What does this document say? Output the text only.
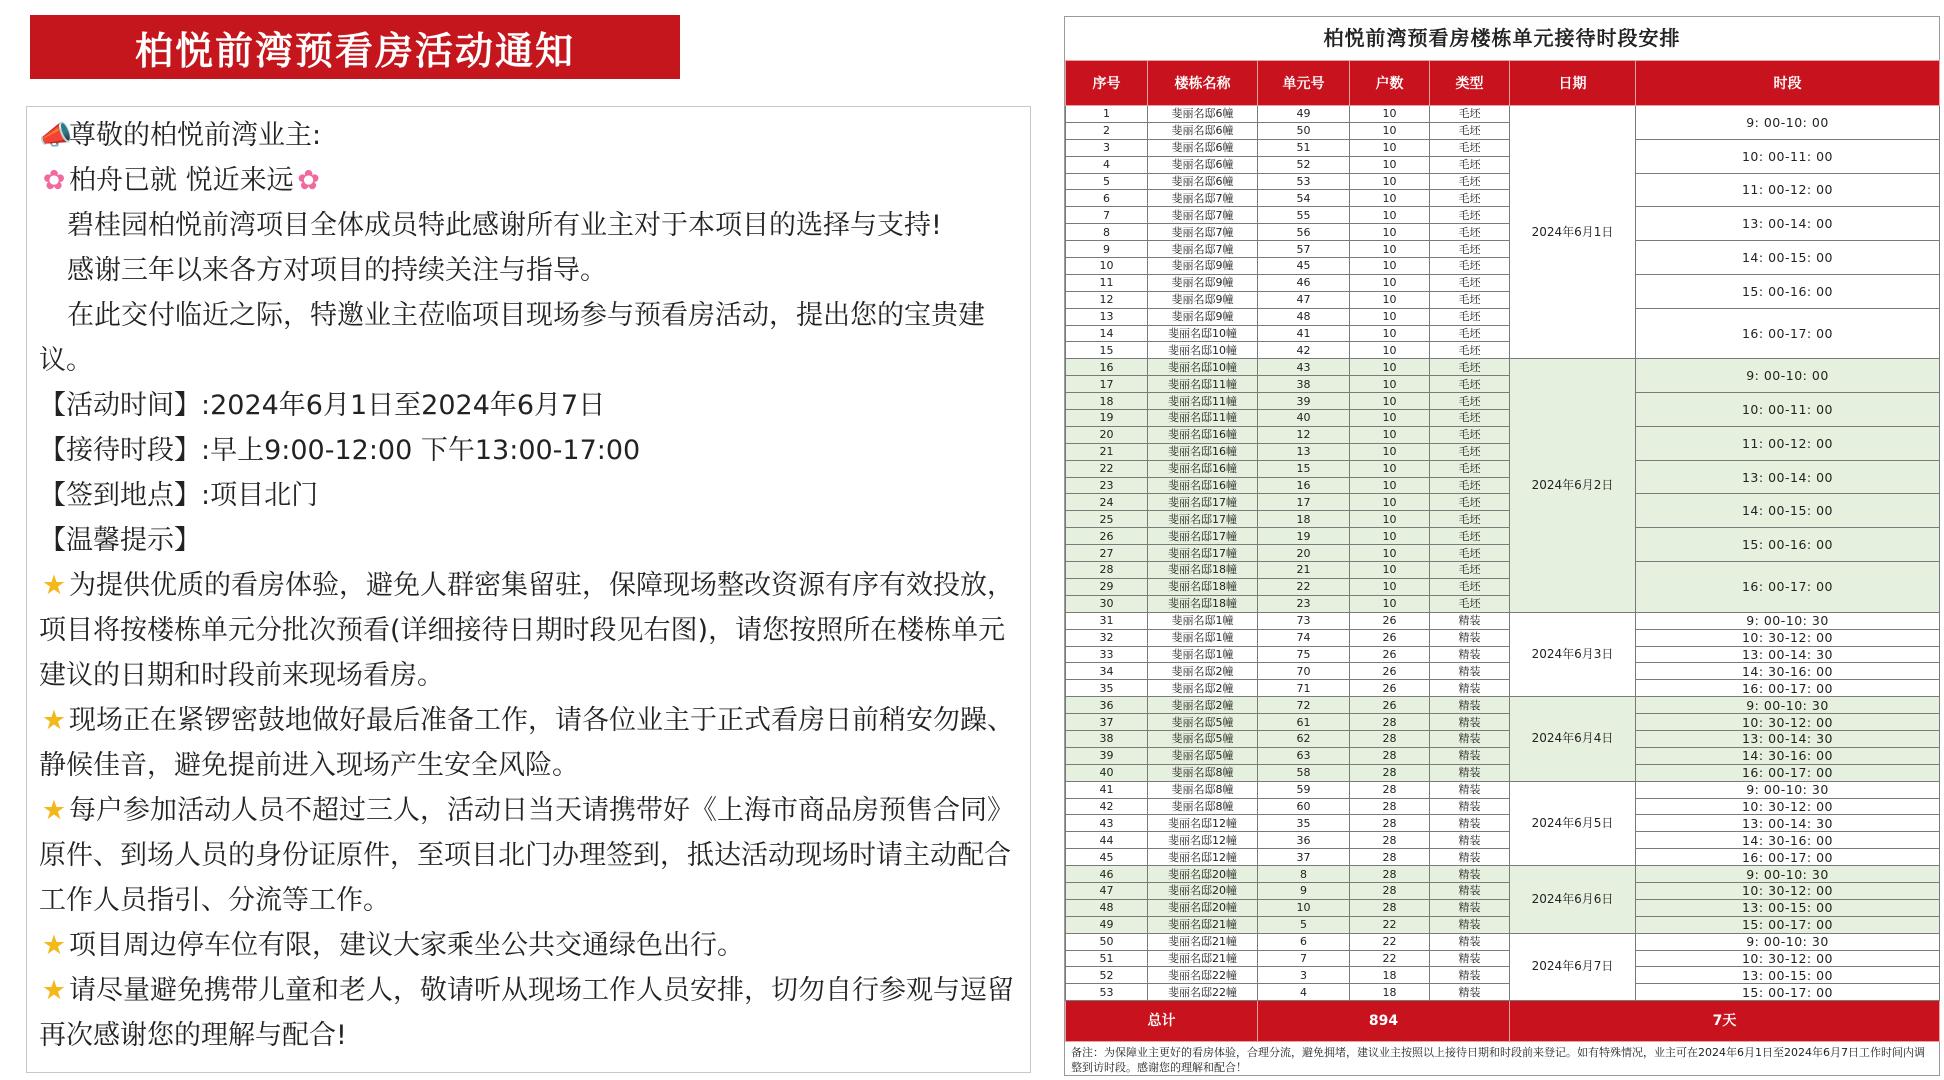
柏悦前湾预看房活动通知

📣尊敬的柏悦前湾业主:

✿ 柏舟已就 悦近来远 ✿

碧桂园柏悦前湾项目全体成员特此感谢所有业主对于本项目的选择与支持!

感谢三年以来各方对项目的持续关注与指导。

在此交付临近之际，特邀业主莅临项目现场参与预看房活动，提出您的宝贵建议。

【活动时间】:2024年6月1日至2024年6月7日

【接待时段】:早上9:00-12:00 下午13:00-17:00

【签到地点】:项目北门

【温馨提示】

★ 为提供优质的看房体验，避免人群密集留驻，保障现场整改资源有序有效投放，项目将按楼栋单元分批次预看(详细接待日期时段见右图)，请您按照所在楼栋单元建议的日期和时段前来现场看房。

★ 现场正在紧锣密鼓地做好最后准备工作，请各位业主于正式看房日前稍安勿躁、静候佳音，避免提前进入现场产生安全风险。

★ 每户参加活动人员不超过三人，活动日当天请携带好《上海市商品房预售合同》原件、到场人员的身份证原件，至项目北门办理签到，抵达活动现场时请主动配合工作人员指引、分流等工作。

★ 项目周边停车位有限，建议大家乘坐公共交通绿色出行。

★ 请尽量避免携带儿童和老人，敬请听从现场工作人员安排，切勿自行参观与逗留再次感谢您的理解与配合!

柏悦前湾预看房楼栋单元接待时段安排
序号	楼栋名称	单元号	户数	类型	日期	时段
1	斐丽名邸6幢	49	10	毛坯	2024年6月1日	9: 00-10: 00
2	斐丽名邸6幢	50	10	毛坯		
3	斐丽名邸6幢	51	10	毛坯		10: 00-11: 00
4	斐丽名邸6幢	52	10	毛坯		
5	斐丽名邸6幢	53	10	毛坯		11: 00-12: 00
6	斐丽名邸7幢	54	10	毛坯		
7	斐丽名邸7幢	55	10	毛坯		13: 00-14: 00
8	斐丽名邸7幢	56	10	毛坯		
9	斐丽名邸7幢	57	10	毛坯		14: 00-15: 00
10	斐丽名邸9幢	45	10	毛坯		
11	斐丽名邸9幢	46	10	毛坯		15: 00-16: 00
12	斐丽名邸9幢	47	10	毛坯		
13	斐丽名邸9幢	48	10	毛坯		16: 00-17: 00
14	斐丽名邸10幢	41	10	毛坯		
15	斐丽名邸10幢	42	10	毛坯		
16	斐丽名邸10幢	43	10	毛坯	2024年6月2日	9: 00-10: 00
17	斐丽名邸11幢	38	10	毛坯		
18	斐丽名邸11幢	39	10	毛坯		10: 00-11: 00
19	斐丽名邸11幢	40	10	毛坯		
20	斐丽名邸16幢	12	10	毛坯		11: 00-12: 00
21	斐丽名邸16幢	13	10	毛坯		
22	斐丽名邸16幢	15	10	毛坯		13: 00-14: 00
23	斐丽名邸16幢	16	10	毛坯		
24	斐丽名邸17幢	17	10	毛坯		14: 00-15: 00
25	斐丽名邸17幢	18	10	毛坯		
26	斐丽名邸17幢	19	10	毛坯		15: 00-16: 00
27	斐丽名邸17幢	20	10	毛坯		
28	斐丽名邸18幢	21	10	毛坯		16: 00-17: 00
29	斐丽名邸18幢	22	10	毛坯		
30	斐丽名邸18幢	23	10	毛坯		
31	斐丽名邸1幢	73	26	精装	2024年6月3日	9: 00-10: 30
32	斐丽名邸1幢	74	26	精装		10: 30-12: 00
33	斐丽名邸1幢	75	26	精装		13: 00-14: 30
34	斐丽名邸2幢	70	26	精装		14: 30-16: 00
35	斐丽名邸2幢	71	26	精装		16: 00-17: 00
36	斐丽名邸2幢	72	26	精装	2024年6月4日	9: 00-10: 30
37	斐丽名邸5幢	61	28	精装		10: 30-12: 00
38	斐丽名邸5幢	62	28	精装		13: 00-14: 30
39	斐丽名邸5幢	63	28	精装		14: 30-16: 00
40	斐丽名邸8幢	58	28	精装		16: 00-17: 00
41	斐丽名邸8幢	59	28	精装	2024年6月5日	9: 00-10: 30
42	斐丽名邸8幢	60	28	精装		10: 30-12: 00
43	斐丽名邸12幢	35	28	精装		13: 00-14: 30
44	斐丽名邸12幢	36	28	精装		14: 30-16: 00
45	斐丽名邸12幢	37	28	精装		16: 00-17: 00
46	斐丽名邸20幢	8	28	精装	2024年6月6日	9: 00-10: 30
47	斐丽名邸20幢	9	28	精装		10: 30-12: 00
48	斐丽名邸20幢	10	28	精装		13: 00-15: 00
49	斐丽名邸21幢	5	22	精装		15: 00-17: 00
50	斐丽名邸21幢	6	22	精装	2024年6月7日	9: 00-10: 30
51	斐丽名邸21幢	7	22	精装		10: 30-12: 00
52	斐丽名邸22幢	3	18	精装		13: 00-15: 00
53	斐丽名邸22幢	4	18	精装		15: 00-17: 00
总计		894			7天	
备注：为保障业主更好的看房体验，合理分流，避免拥堵，建议业主按照以上接待日期和时段前来登记。如有特殊情况，业主可在2024年6月1日至2024年6月7日工作时间内调整到访时段。感谢您的理解和配合！
